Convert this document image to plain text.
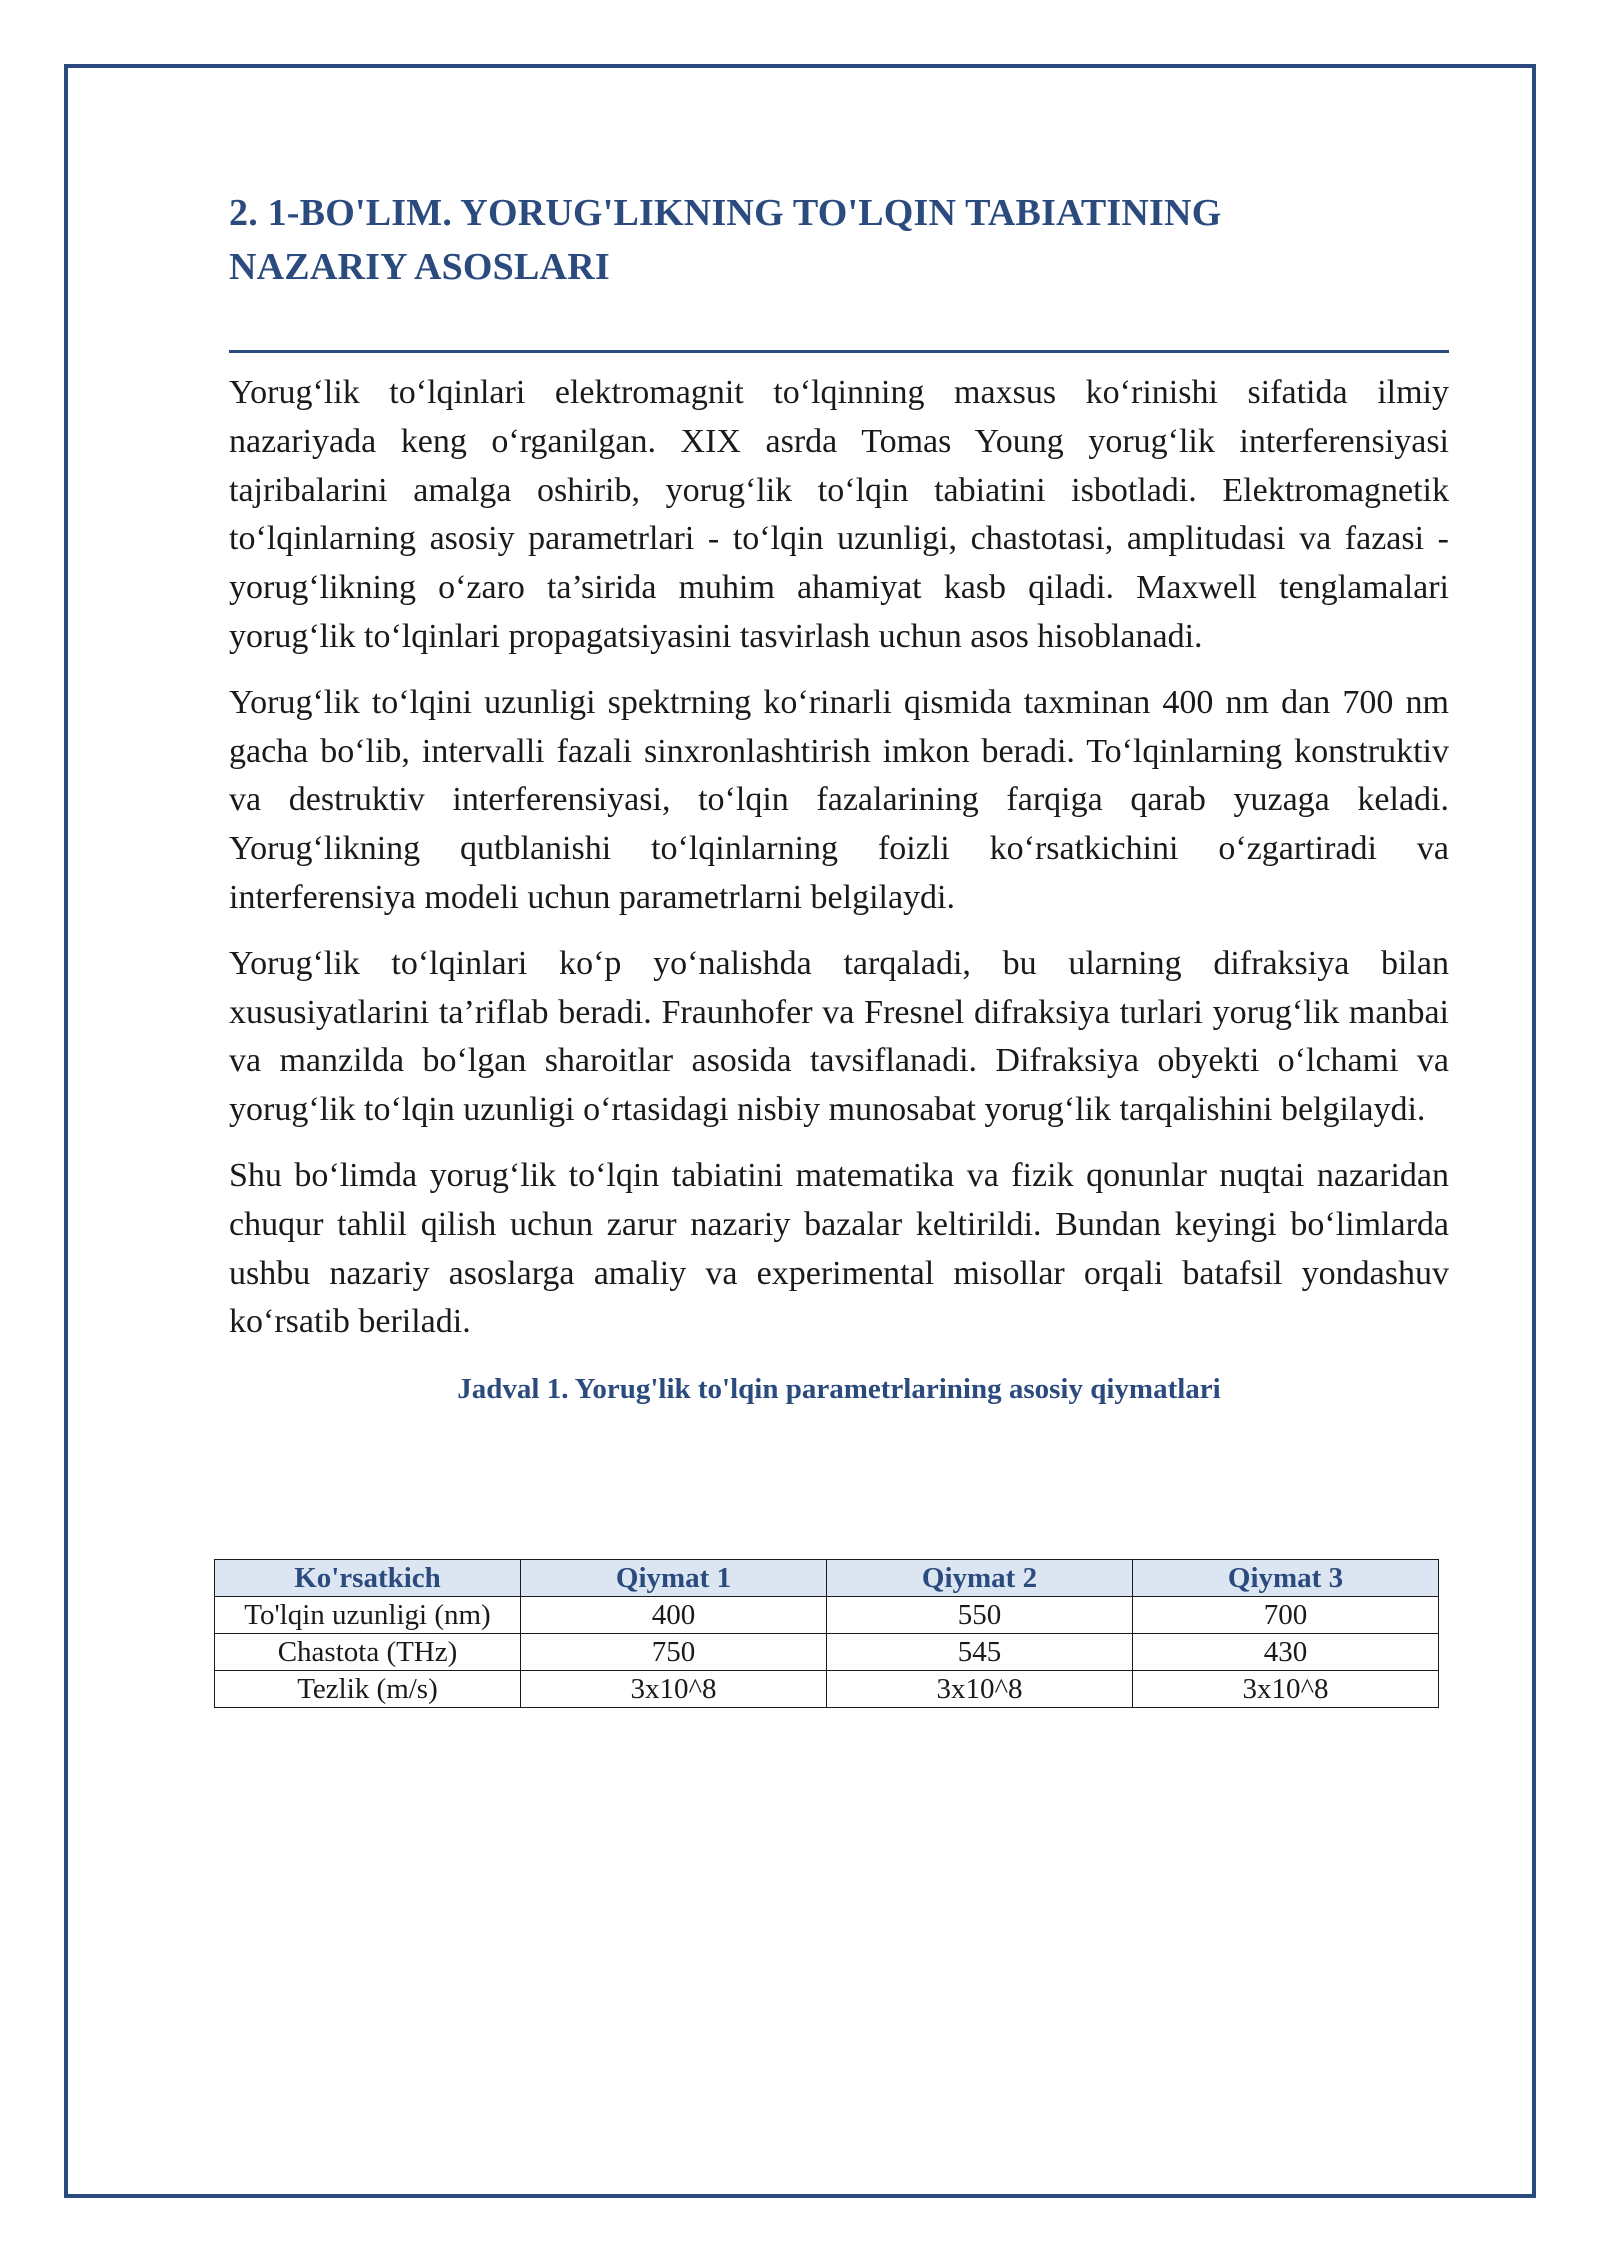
2. 1-BO'LIM. YORUG'LIKNING TO'LQIN TABIATINING
NAZARIY ASOSLARI

Yorug‘lik to‘lqinlari elektromagnit to‘lqinning maxsus ko‘rinishi sifatida ilmiy nazariyada keng o‘rganilgan. XIX asrda Tomas Young yorug‘lik interferensiyasi tajribalarini amalga oshirib, yorug‘lik to‘lqin tabiatini isbotladi. Elektromagnetik to‘lqinlarning asosiy parametrlari - to‘lqin uzunligi, chastotasi, amplitudasi va fazasi - yorug‘likning o‘zaro ta’sirida muhim ahamiyat kasb qiladi. Maxwell tenglamalari yorug‘lik to‘lqinlari propagatsiyasini tasvirlash uchun asos hisoblanadi.

Yorug‘lik to‘lqini uzunligi spektrning ko‘rinarli qismida taxminan 400 nm dan 700 nm gacha bo‘lib, intervalli fazali sinxronlashtirish imkon beradi. To‘lqinlarning konstruktiv va destruktiv interferensiyasi, to‘lqin fazalarining farqiga qarab yuzaga keladi. Yorug‘likning qutblanishi to‘lqinlarning foizli ko‘rsatkichini o‘zgartiradi va interferensiya modeli uchun parametrlarni belgilaydi.

Yorug‘lik to‘lqinlari ko‘p yo‘nalishda tarqaladi, bu ularning difraksiya bilan xususiyatlarini ta’riflab beradi. Fraunhofer va Fresnel difraksiya turlari yorug‘lik manbai va manzilda bo‘lgan sharoitlar asosida tavsiflanadi. Difraksiya obyekti o‘lchami va yorug‘lik to‘lqin uzunligi o‘rtasidagi nisbiy munosabat yorug‘lik tarqalishini belgilaydi.

Shu bo‘limda yorug‘lik to‘lqin tabiatini matematika va fizik qonunlar nuqtai nazaridan chuqur tahlil qilish uchun zarur nazariy bazalar keltirildi. Bundan keyingi bo‘limlarda ushbu nazariy asoslarga amaliy va experimental misollar orqali batafsil yondashuv ko‘rsatib beriladi.

Jadval 1. Yorug'lik to'lqin parametrlarining asosiy qiymatlari

Ko'rsatkich	Qiymat 1	Qiymat 2	Qiymat 3
To'lqin uzunligi (nm)	400	550	700
Chastota (THz)	750	545	430
Tezlik (m/s)	3x10^8	3x10^8	3x10^8
